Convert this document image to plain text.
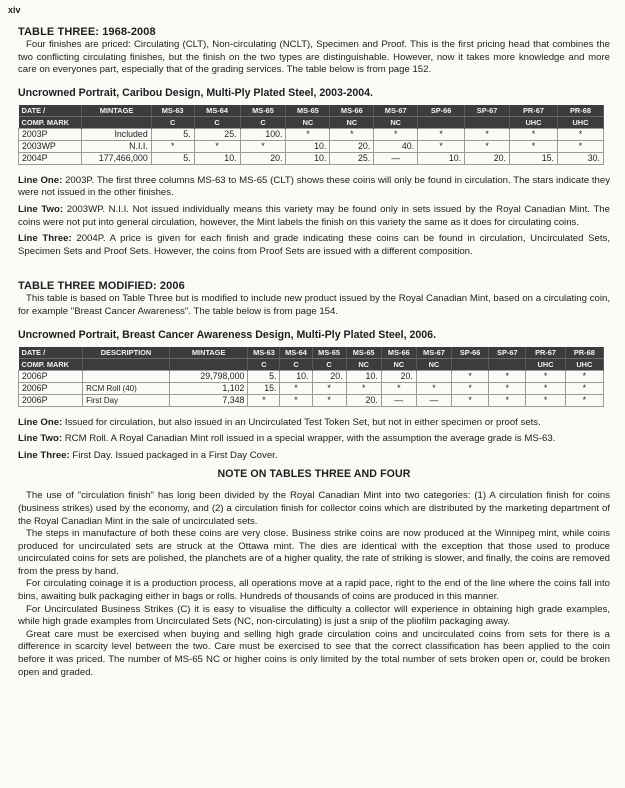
xiv
TABLE THREE: 1968-2008

Four finishes are priced: Circulating (CLT), Non-circulating (NCLT), Specimen and Proof. This is the first pricing head that combines the two conflicting circulating finishes, but the finish on the two types are distinguishable. However, now it takes more knowledge and more care on everyones part, especially that of the grading services. The table below is from page 152.

Uncrowned Portrait, Caribou Design, Multi-Ply Plated Steel, 2003-2004.
DATE /	MINTAGE	MS-63	MS-64	MS-65	MS-65	MS-66	MS-67	SP-66	SP-67	PR-67	PR-68
COMP. MARK		C	C	C	NC	NC	NC			UHC	UHC
2003P	Included	5.	25.	100.	*	*	*	*	*	*	*
2003WP	N.I.I.	*	*	*	10.	20.	40.	*	*	*	*
2004P	177,466,000	5.	10.	20.	10.	25.	—	10.	20.	15.	30.

Line One: 2003P. The first three columns MS-63 to MS-65 (CLT) shows these coins will only be found in circulation. The stars indicate they were not issued in the other finishes.

Line Two: 2003WP. N.I.I. Not issued individually means this variety may be found only in sets issued by the Royal Canadian Mint. The coins were not put into general circulation, however, the Mint labels the finish on this variety the same as it does for circulating coins.

Line Three: 2004P. A price is given for each finish and grade indicating these coins can be found in circulation, Uncirculated Sets, Specimen Sets and Proof Sets. However, the coins from Proof Sets are issued with a different composition.

TABLE THREE MODIFIED: 2006

This table is based on Table Three but is modified to include new product issued by the Royal Canadian Mint, based on a circulating coin, for example "Breast Cancer Awareness". The table below is from page 154.

Uncrowned Portrait, Breast Cancer Awareness Design, Multi-Ply Plated Steel, 2006.
DATE /	DESCRIPTION	MINTAGE	MS-63	MS-64	MS-65	MS-65	MS-66	MS-67	SP-66	SP-67	PR-67	PR-68
COMP. MARK			C	C	C	NC	NC	NC			UHC	UHC
2006P		29,798,000	5.	10.	20.	10.	20.		*	*	*	*
2006P	RCM Roll (40)	1,102	15.	*	*	*	*	*	*	*	*	*
2006P	First Day	7,348	*	*	*	20.	—	—	*	*	*	*

Line One: Issued for circulation, but also issued in an Uncirculated Test Token Set, but not in either specimen or proof sets.

Line Two: RCM Roll. A Royal Canadian Mint roll issued in a special wrapper, with the assumption the average grade is MS-63.

Line Three: First Day. Issued packaged in a First Day Cover.

NOTE ON TABLES THREE AND FOUR

The use of "circulation finish" has long been divided by the Royal Canadian Mint into two categories: (1) A circulation finish for coins (business strikes) used by the economy, and (2) a circulation finish for collector coins which are distributed by the marketing department of the Royal Canadian Mint in the sale of uncirculated sets.

The steps in manufacture of both these coins are very close. Business strike coins are now produced at the Winnipeg mint, while coins produced for uncirculated sets are struck at the Ottawa mint. The dies are identical with the exception that those used to produce uncirculated coins for sets are polished, the planchets are of a higher quality, the rate of striking is slower, and finally, the coins are removed from the press by hand.

For circulating coinage it is a production process, all operations move at a rapid pace, right to the end of the line where the coins fall into bins, awaiting bulk packaging either in bags or rolls. Hundreds of thousands of coins are produced in this manner.

For Uncirculated Business Strikes (C) it is easy to visualise the difficulty a collector will experience in obtaining high grade examples, while high grade examples from Uncirculated Sets (NC, non-circulating) is just a snip of the pliofilm packaging away.

Great care must be exercised when buying and selling high grade circulation coins and uncirculated coins from sets for there is a difference in scarcity level between the two. Care must be exercised to see that the correct classification has been applied to the coin before it was priced. The number of MS-65 NC or higher coins is only limited by the total number of sets broken open or, could be broken open and graded.
